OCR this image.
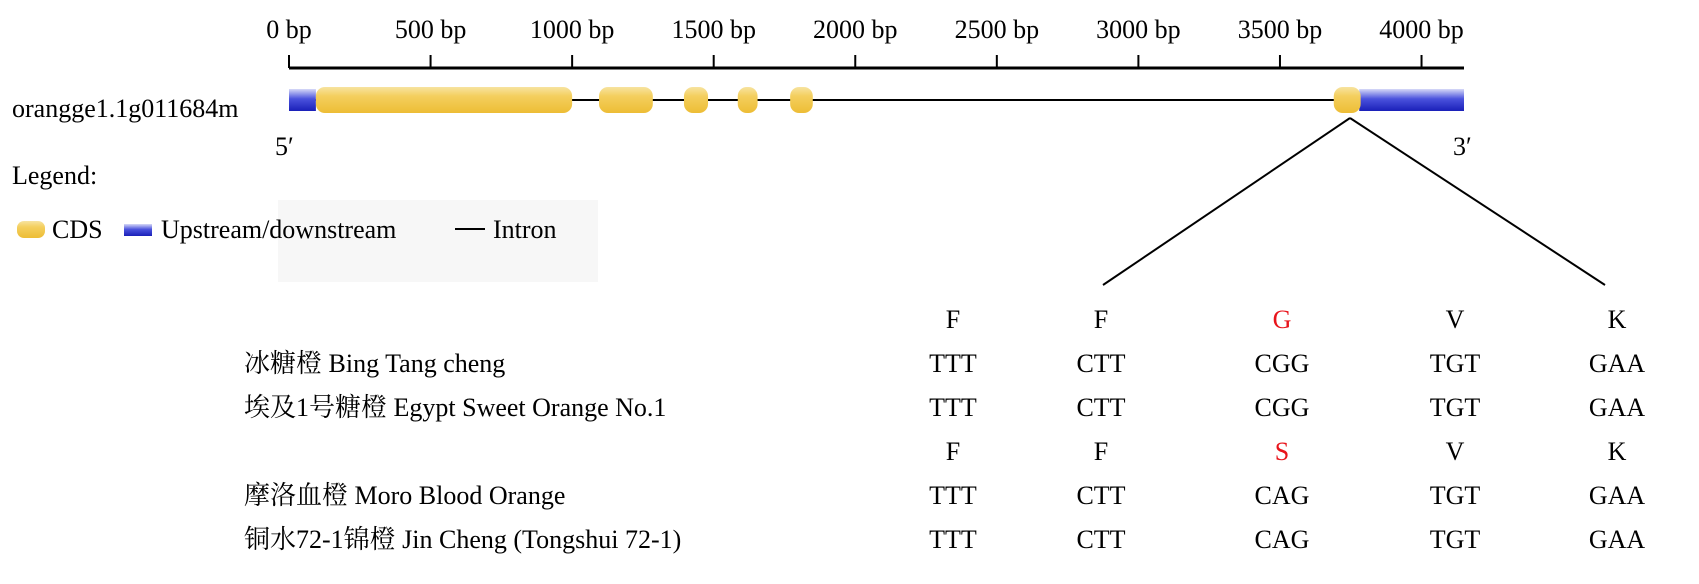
0 bp	500 bp 1000 bp 1500 bp 2000 bp 2500 bp 3000 bp 3500 bp 4000 bp
orangge1.1g011684m
5′	3′
Legend:
CDS Upstream/downstream	Intron
F	F	G	V	K
冰糖橙 Bing Tang cheng	TTT	CTT	CGG	TGT	GAA
埃及1号糖橙 Egypt Sweet Orange No.1	TTT	CTT	CGG	TGT	GAA
F	F	S	V	K
摩洛血橙 Moro Blood Orange	TTT	CTT	CAG	TGT	GAA
铜水72-1锦橙 Jin Cheng (Tongshui 72-1)	TTT	CTT	CAG	TGT	GAA
